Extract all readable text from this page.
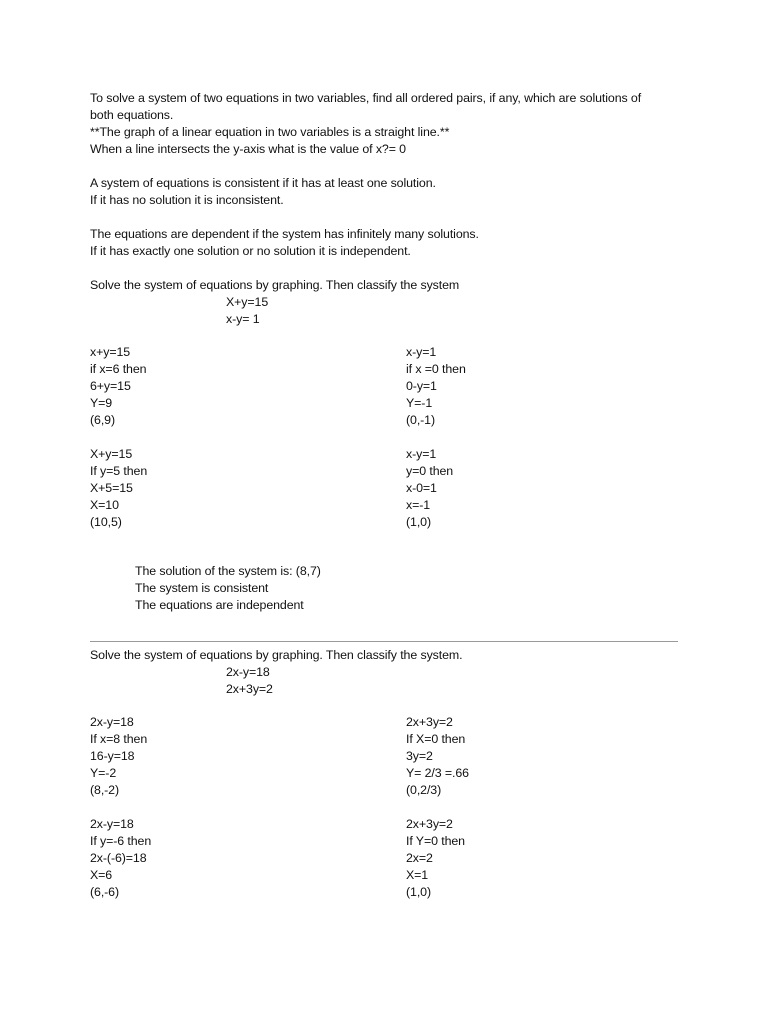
To solve a system of two equations in two variables, find all ordered pairs, if any, which are solutions of
both equations.
**The graph of a linear equation in two variables is a straight line.**
When a line intersects the y-axis what is the value of x?= 0
A system of equations is consistent if it has at least one solution.
If it has no solution it is inconsistent.
The equations are dependent if the system has infinitely many solutions.
If it has exactly one solution or no solution it is independent.
Solve the system of equations by graphing. Then classify the system
X+y=15
x-y= 1
x+y=15
if x=6 then
6+y=15
Y=9
(6,9)
x-y=1
if x =0 then
0-y=1
Y=-1
(0,-1)
X+y=15
If y=5 then
X+5=15
X=10
(10,5)
x-y=1
y=0 then
x-0=1
x=-1
(1,0)
The solution of the system is: (8,7)
The system is consistent
The equations are independent
Solve the system of equations by graphing. Then classify the system.
2x-y=18
2x+3y=2
2x-y=18
If x=8 then
16-y=18
Y=-2
(8,-2)
2x+3y=2
If X=0 then
3y=2
Y= 2/3 =.66
(0,2/3)
2x-y=18
If y=-6 then
2x-(-6)=18
X=6
(6,-6)
2x+3y=2
If Y=0 then
2x=2
X=1
(1,0)
